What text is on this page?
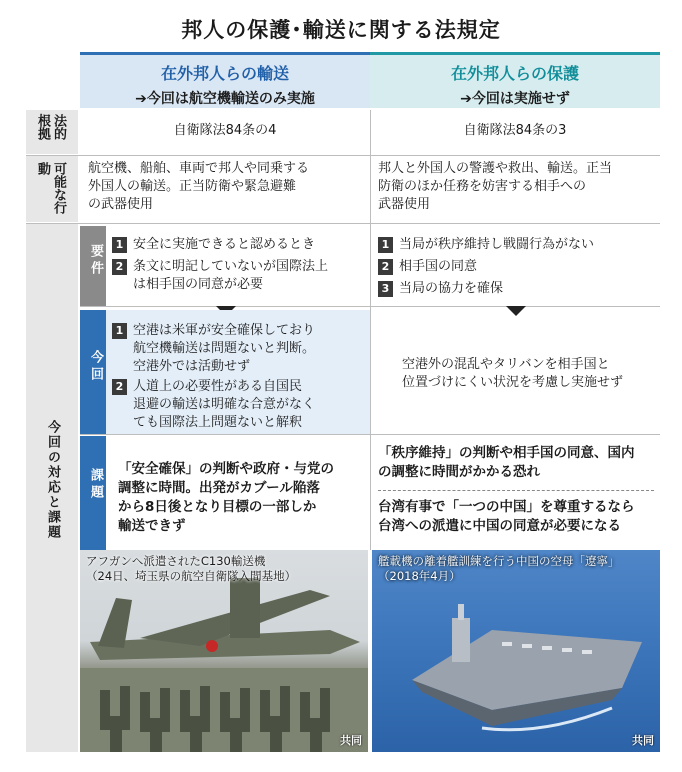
邦人の保護･輸送に関する法規定
在外邦人らの輸送
➔今回は航空機輸送のみ実施
在外邦人らの保護
➔今回は実施せず
法的根拠
可能な行動
今回の対応と課題
自衛隊法84条の4	自衛隊法84条の3
航空機、船舶、車両で邦人や同乗する
外国人の輸送。正当防衛や緊急避難
の武器使用
邦人と外国人の警護や救出、輸送。正当
防衛のほか任務を妨害する相手への
武器使用
要件	1 安全に実施できると認めるとき
2 条文に明記していないが国際法上
は相手国の同意が必要
1 当局が秩序維持し戦闘行為がない
2 相手国の同意
3 当局の協力を確保
今回
1 空港は米軍が安全確保しており
航空機輸送は問題ないと判断。
空港外では活動せず
2 人道上の必要性がある自国民
退避の輸送は明確な合意がなく
ても国際法上問題ないと解釈
空港外の混乱やタリバンを相手国と
位置づけにくい状況を考慮し実施せず
課題 「安全確保」の判断や政府・与党の
調整に時間。出発がカブール陥落
から8日後となり目標の一部しか
輸送できず
「秩序維持」の判断や相手国の同意、国内
の調整に時間がかかる恐れ
台湾有事で「一つの中国」を尊重するなら
台湾への派遣に中国の同意が必要になる
アフガンへ派遣されたC130輸送機
（24日、埼玉県の航空自衛隊入間基地）
共同
艦載機の離着艦訓練を行う中国の空母「遼寧」
（2018年4月）
共同
